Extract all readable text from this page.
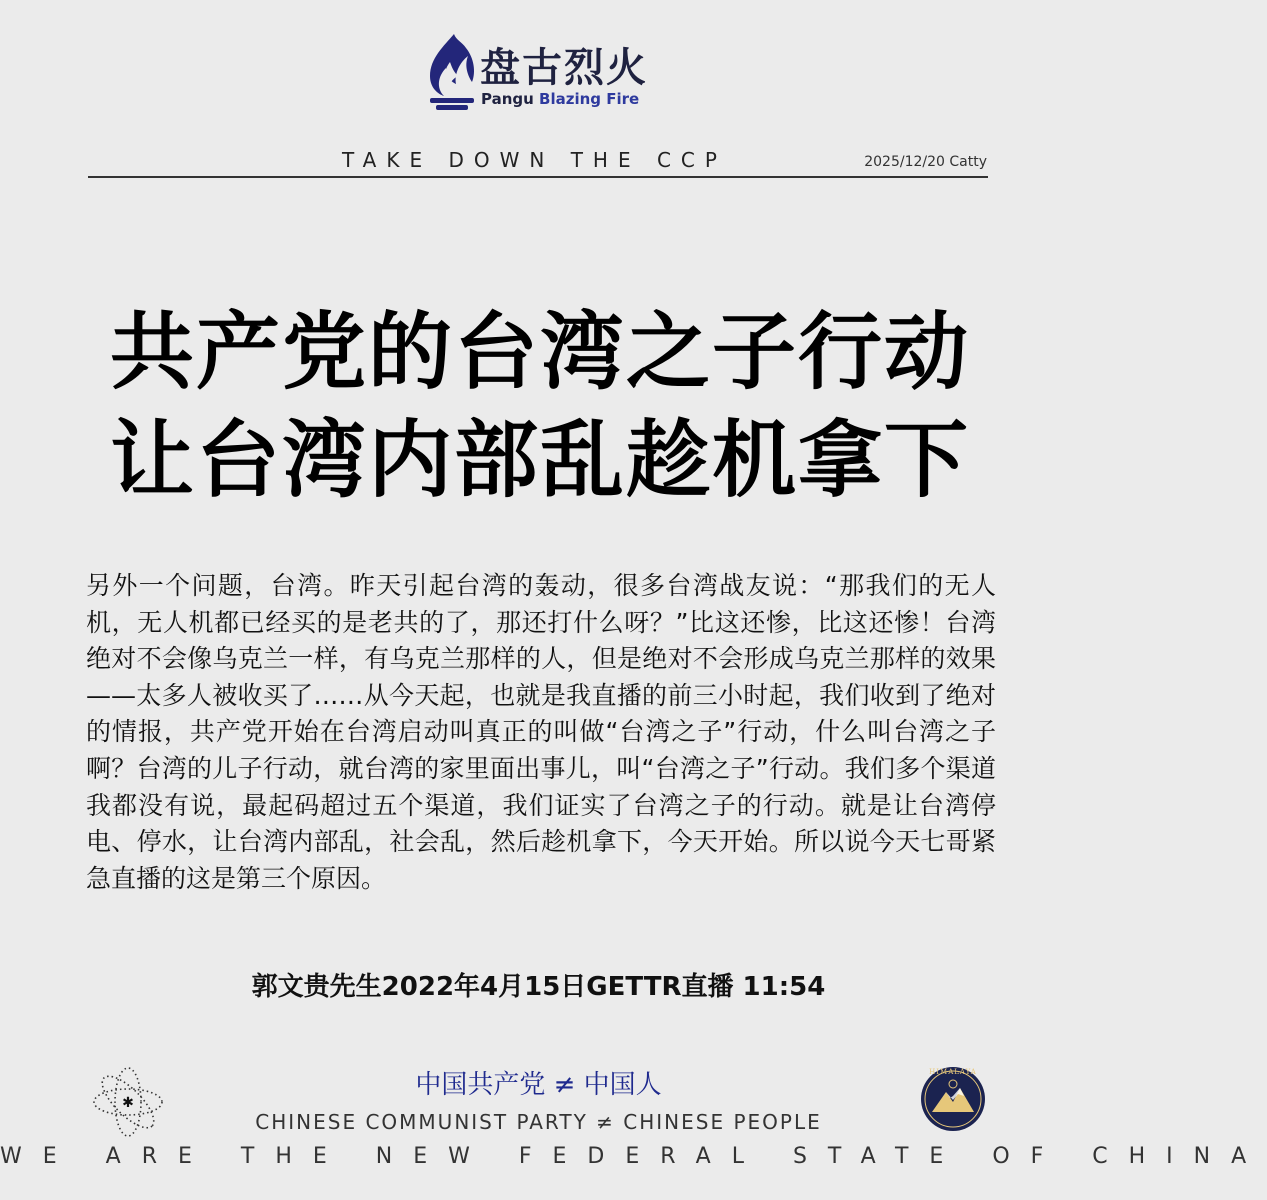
盘古烈火
Pangu Blazing Fire
TAKE DOWN THE CCP	2025/12/20 Catty
共产党的台湾之子行动
让台湾内部乱趁机拿下
另外一个问题，台湾。昨天引起台湾的轰动，很多台湾战友说：“那我们的无人机，无人机都已经买的是老共的了，那还打什么呀？”比这还惨，比这还惨！台湾绝对不会像乌克兰一样，有乌克兰那样的人，但是绝对不会形成乌克兰那样的效果——太多人被收买了……从今天起，也就是我直播的前三小时起，我们收到了绝对的情报，共产党开始在台湾启动叫真正的叫做“台湾之子”行动，什么叫台湾之子啊？台湾的儿子行动，就台湾的家里面出事儿，叫“台湾之子”行动。我们多个渠道我都没有说，最起码超过五个渠道，我们证实了台湾之子的行动。就是让台湾停电、停水，让台湾内部乱，社会乱，然后趁机拿下，今天开始。所以说今天七哥紧急直播的这是第三个原因。
郭文贵先生2022年4月15日GETTR直播 11:54
✱
HIMALAYA
中国共产党 ≠ 中国人
CHINESE COMMUNIST PARTY ≠ CHINESE PEOPLE
WE ARE THE NEW FEDERAL STATE OF CHINA
